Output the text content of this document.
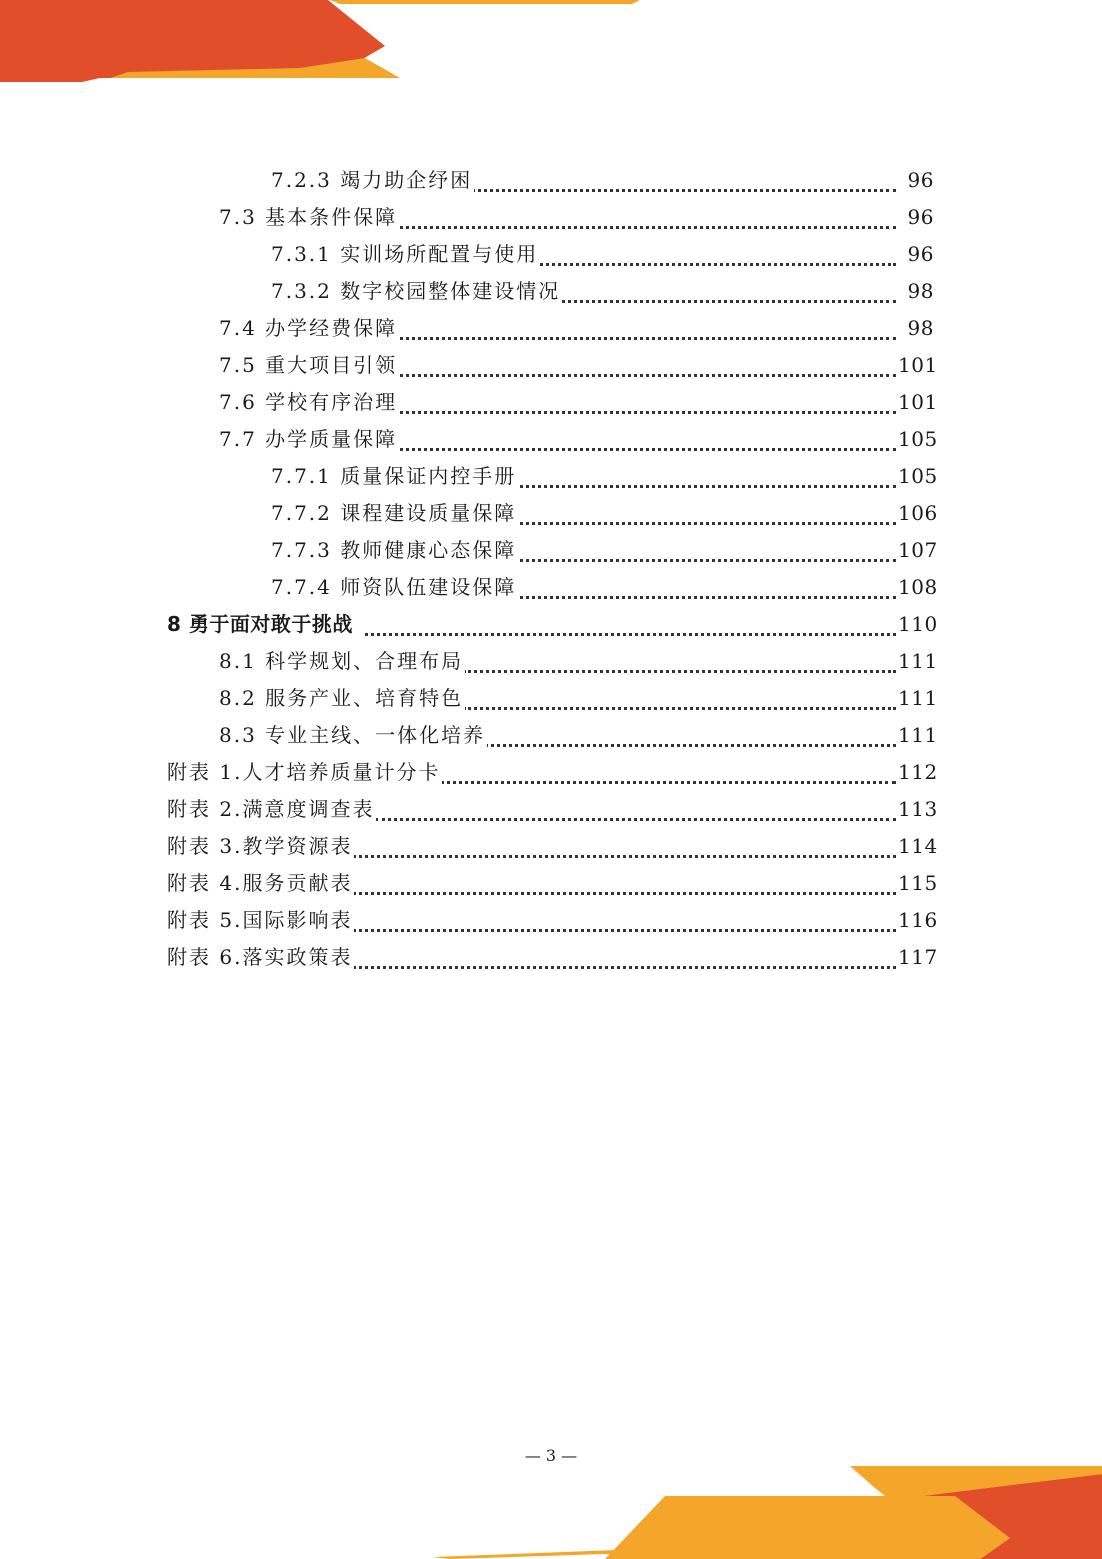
7.2.3 竭力助企纾困	96
7.3 基本条件保障	96
7.3.1 实训场所配置与使用	96
7.3.2 数字校园整体建设情况	98
7.4 办学经费保障	98
7.5 重大项目引领	101
7.6 学校有序治理	101
7.7 办学质量保障	105
7.7.1 质量保证内控手册	105
7.7.2 课程建设质量保障	106
7.7.3 教师健康心态保障	107
7.7.4 师资队伍建设保障	108
8 勇于面对敢于挑战	110
8.1 科学规划、合理布局	111
8.2 服务产业、培育特色	111
8.3 专业主线、一体化培养	111
附表 1.人才培养质量计分卡	112
附表 2.满意度调查表	113
附表 3.教学资源表	114
附表 4.服务贡献表	115
附表 5.国际影响表	116
附表 6.落实政策表	117
— 3 —
